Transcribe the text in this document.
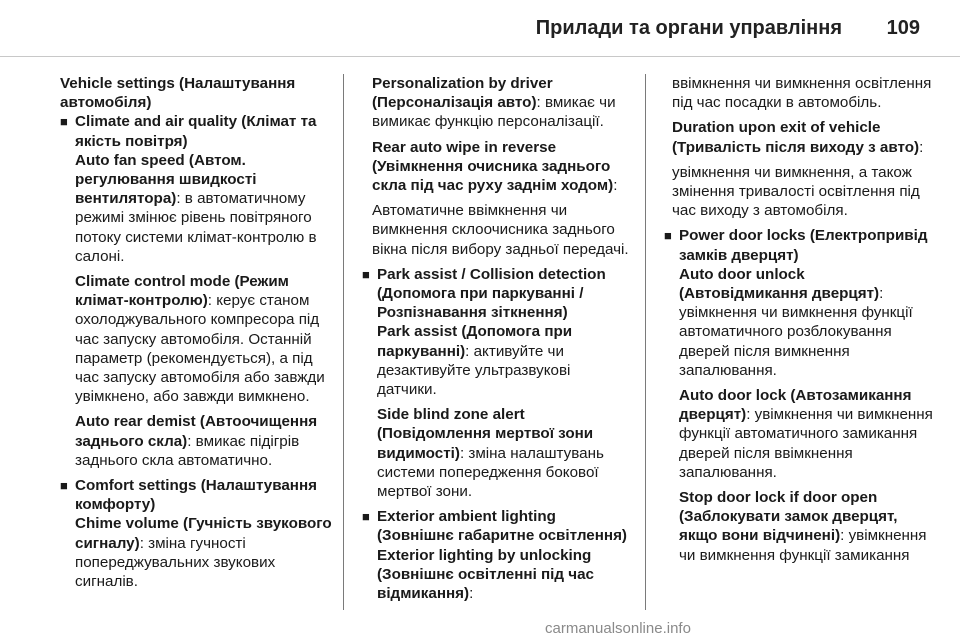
Прилади та органи управління 109

Vehicle settings (Налаштування автомобіля)

■ Climate and air quality (Клімат та якість повітря)

Auto fan speed (Автом. регулювання швидкості вентилятора): в автоматичному режимі змінює рівень повітряного потоку системи клімат-контролю в салоні.

Climate control mode (Режим клімат-контролю): керує станом охолоджувального компресора під час запуску автомобіля. Останній параметр (рекомендується), а під час запуску автомобіля або завжди увімкнено, або завжди вимкнено.

Auto rear demist (Автоочищення заднього скла): вмикає підігрів заднього скла автоматично.

■ Comfort settings (Налаштування комфорту)

Chime volume (Гучність звукового сигналу): зміна гучності попереджувальних звукових сигналів.

Personalization by driver (Персоналізація авто): вмикає чи вимикає функцію персоналізації.

Rear auto wipe in reverse (Увімкнення очисника заднього скла під час руху заднім ходом):

Автоматичне ввімкнення чи вимкнення склоочисника заднього вікна після вибору задньої передачі.

■ Park assist / Collision detection (Допомога при паркуванні / Розпізнавання зіткнення)

Park assist (Допомога при паркуванні): активуйте чи дезактивуйте ультразвукові датчики.

Side blind zone alert (Повідомлення мертвої зони видимості): зміна налаштувань системи попередження бокової мертвої зони.

■ Exterior ambient lighting (Зовнішнє габаритне освітлення)

Exterior lighting by unlocking (Зовнішнє освітленні під час відмикання):

ввімкнення чи вимкнення освітлення під час посадки в автомобіль.

Duration upon exit of vehicle (Тривалість після виходу з авто):

увімкнення чи вимкнення, а також змінення тривалості освітлення під час виходу з автомобіля.

■ Power door locks (Електропривід замків дверцят)

Auto door unlock (Автовідмикання дверцят): увімкнення чи вимкнення функції автоматичного розблокування дверей після вимкнення запалювання.

Auto door lock (Автозамикання дверцят): увімкнення чи вимкнення функції автоматичного замикання дверей після ввімкнення запалювання.

Stop door lock if door open (Заблокувати замок дверцят, якщо вони відчинені): увімкнення чи вимкнення функції замикання

carmanualsonline.info
